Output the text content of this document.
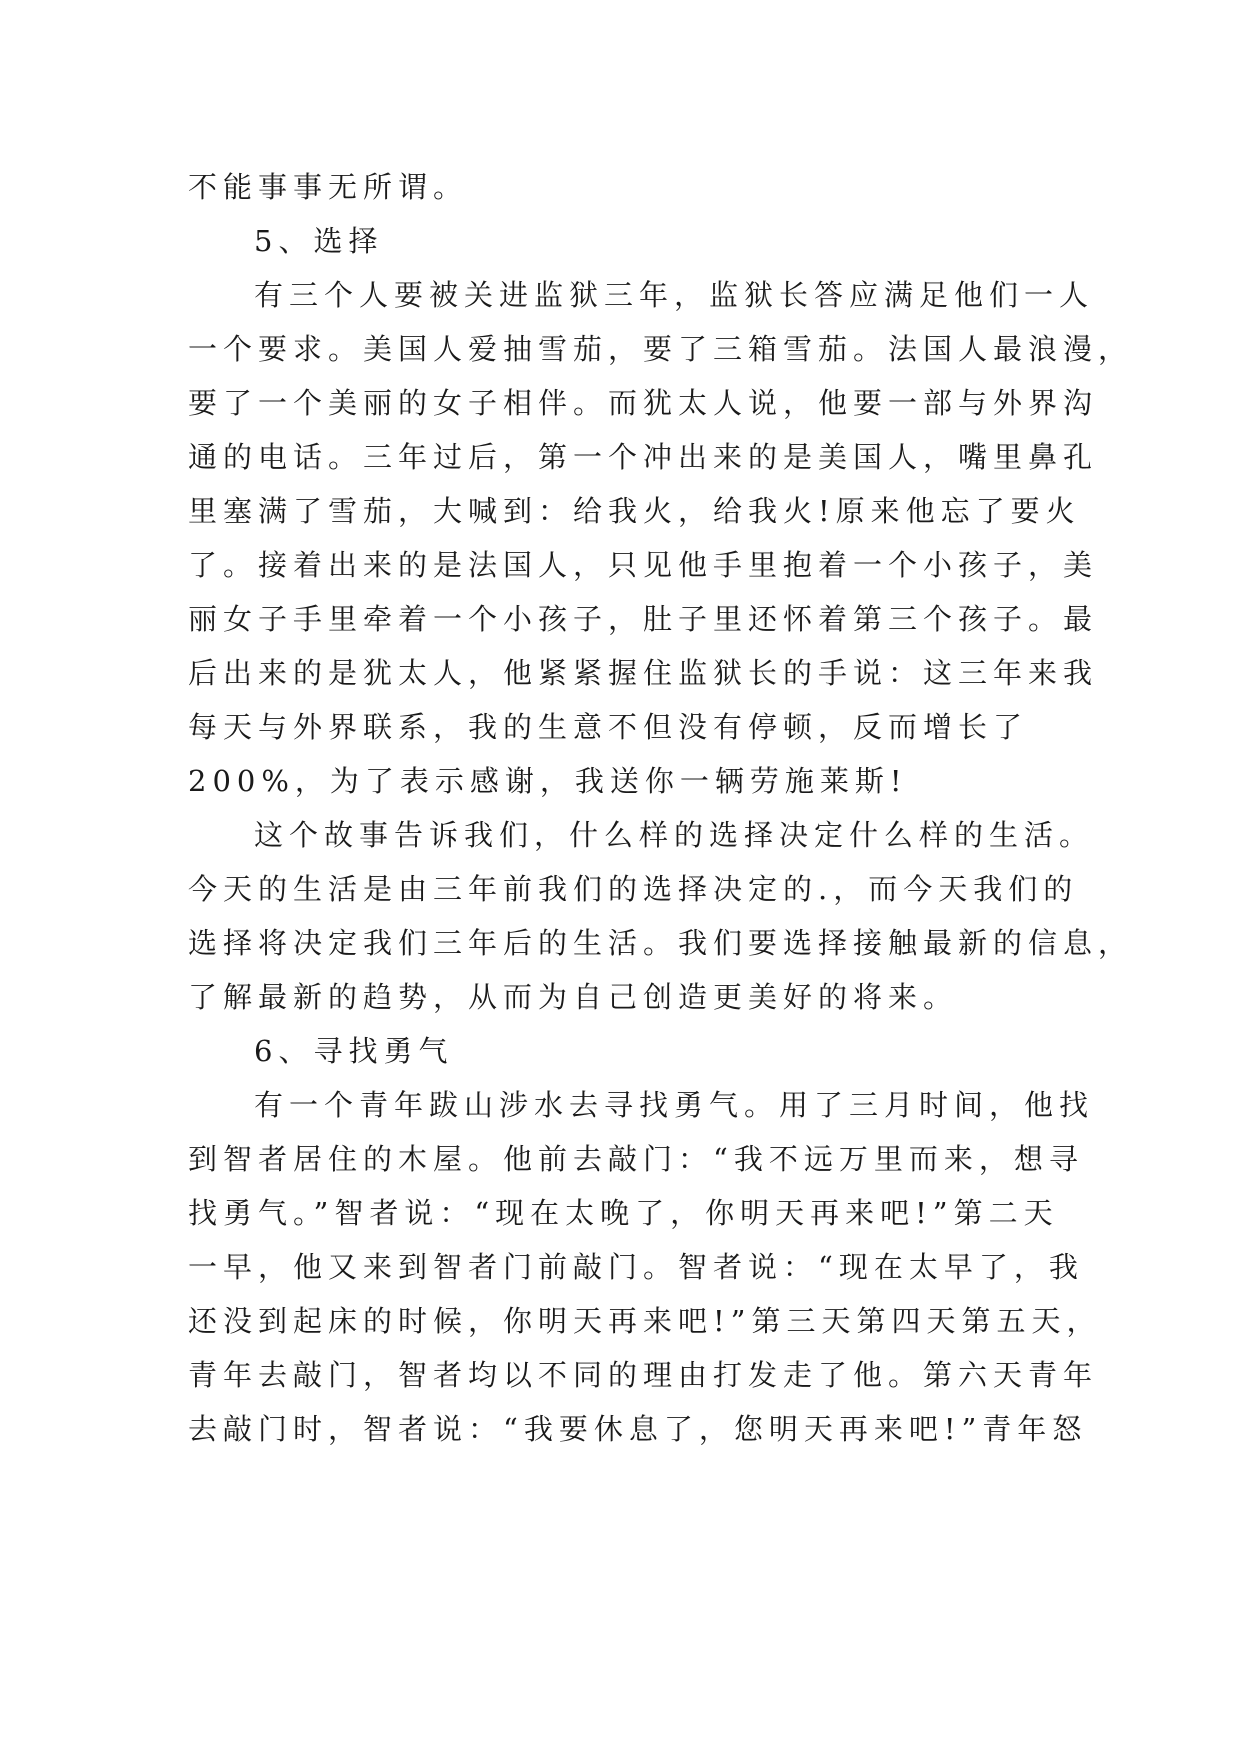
不能事事无所谓。
5、选择
有三个人要被关进监狱三年，监狱长答应满足他们一人
一个要求。美国人爱抽雪茄，要了三箱雪茄。法国人最浪漫，
要了一个美丽的女子相伴。而犹太人说，他要一部与外界沟
通的电话。三年过后，第一个冲出来的是美国人，嘴里鼻孔
里塞满了雪茄，大喊到：给我火，给我火!原来他忘了要火
了。接着出来的是法国人，只见他手里抱着一个小孩子，美
丽女子手里牵着一个小孩子，肚子里还怀着第三个孩子。最
后出来的是犹太人，他紧紧握住监狱长的手说：这三年来我
每天与外界联系，我的生意不但没有停顿，反而增长了
200%，为了表示感谢，我送你一辆劳施莱斯!
这个故事告诉我们，什么样的选择决定什么样的生活。
今天的生活是由三年前我们的选择决定的.，而今天我们的
选择将决定我们三年后的生活。我们要选择接触最新的信息，
了解最新的趋势，从而为自己创造更美好的将来。
6、寻找勇气
有一个青年跋山涉水去寻找勇气。用了三月时间，他找
到智者居住的木屋。他前去敲门：“我不远万里而来，想寻
找勇气。”智者说：“现在太晚了，你明天再来吧!”第二天
一早，他又来到智者门前敲门。智者说：“现在太早了，我
还没到起床的时候，你明天再来吧!”第三天第四天第五天，
青年去敲门，智者均以不同的理由打发走了他。第六天青年
去敲门时，智者说：“我要休息了，您明天再来吧!”青年怒
